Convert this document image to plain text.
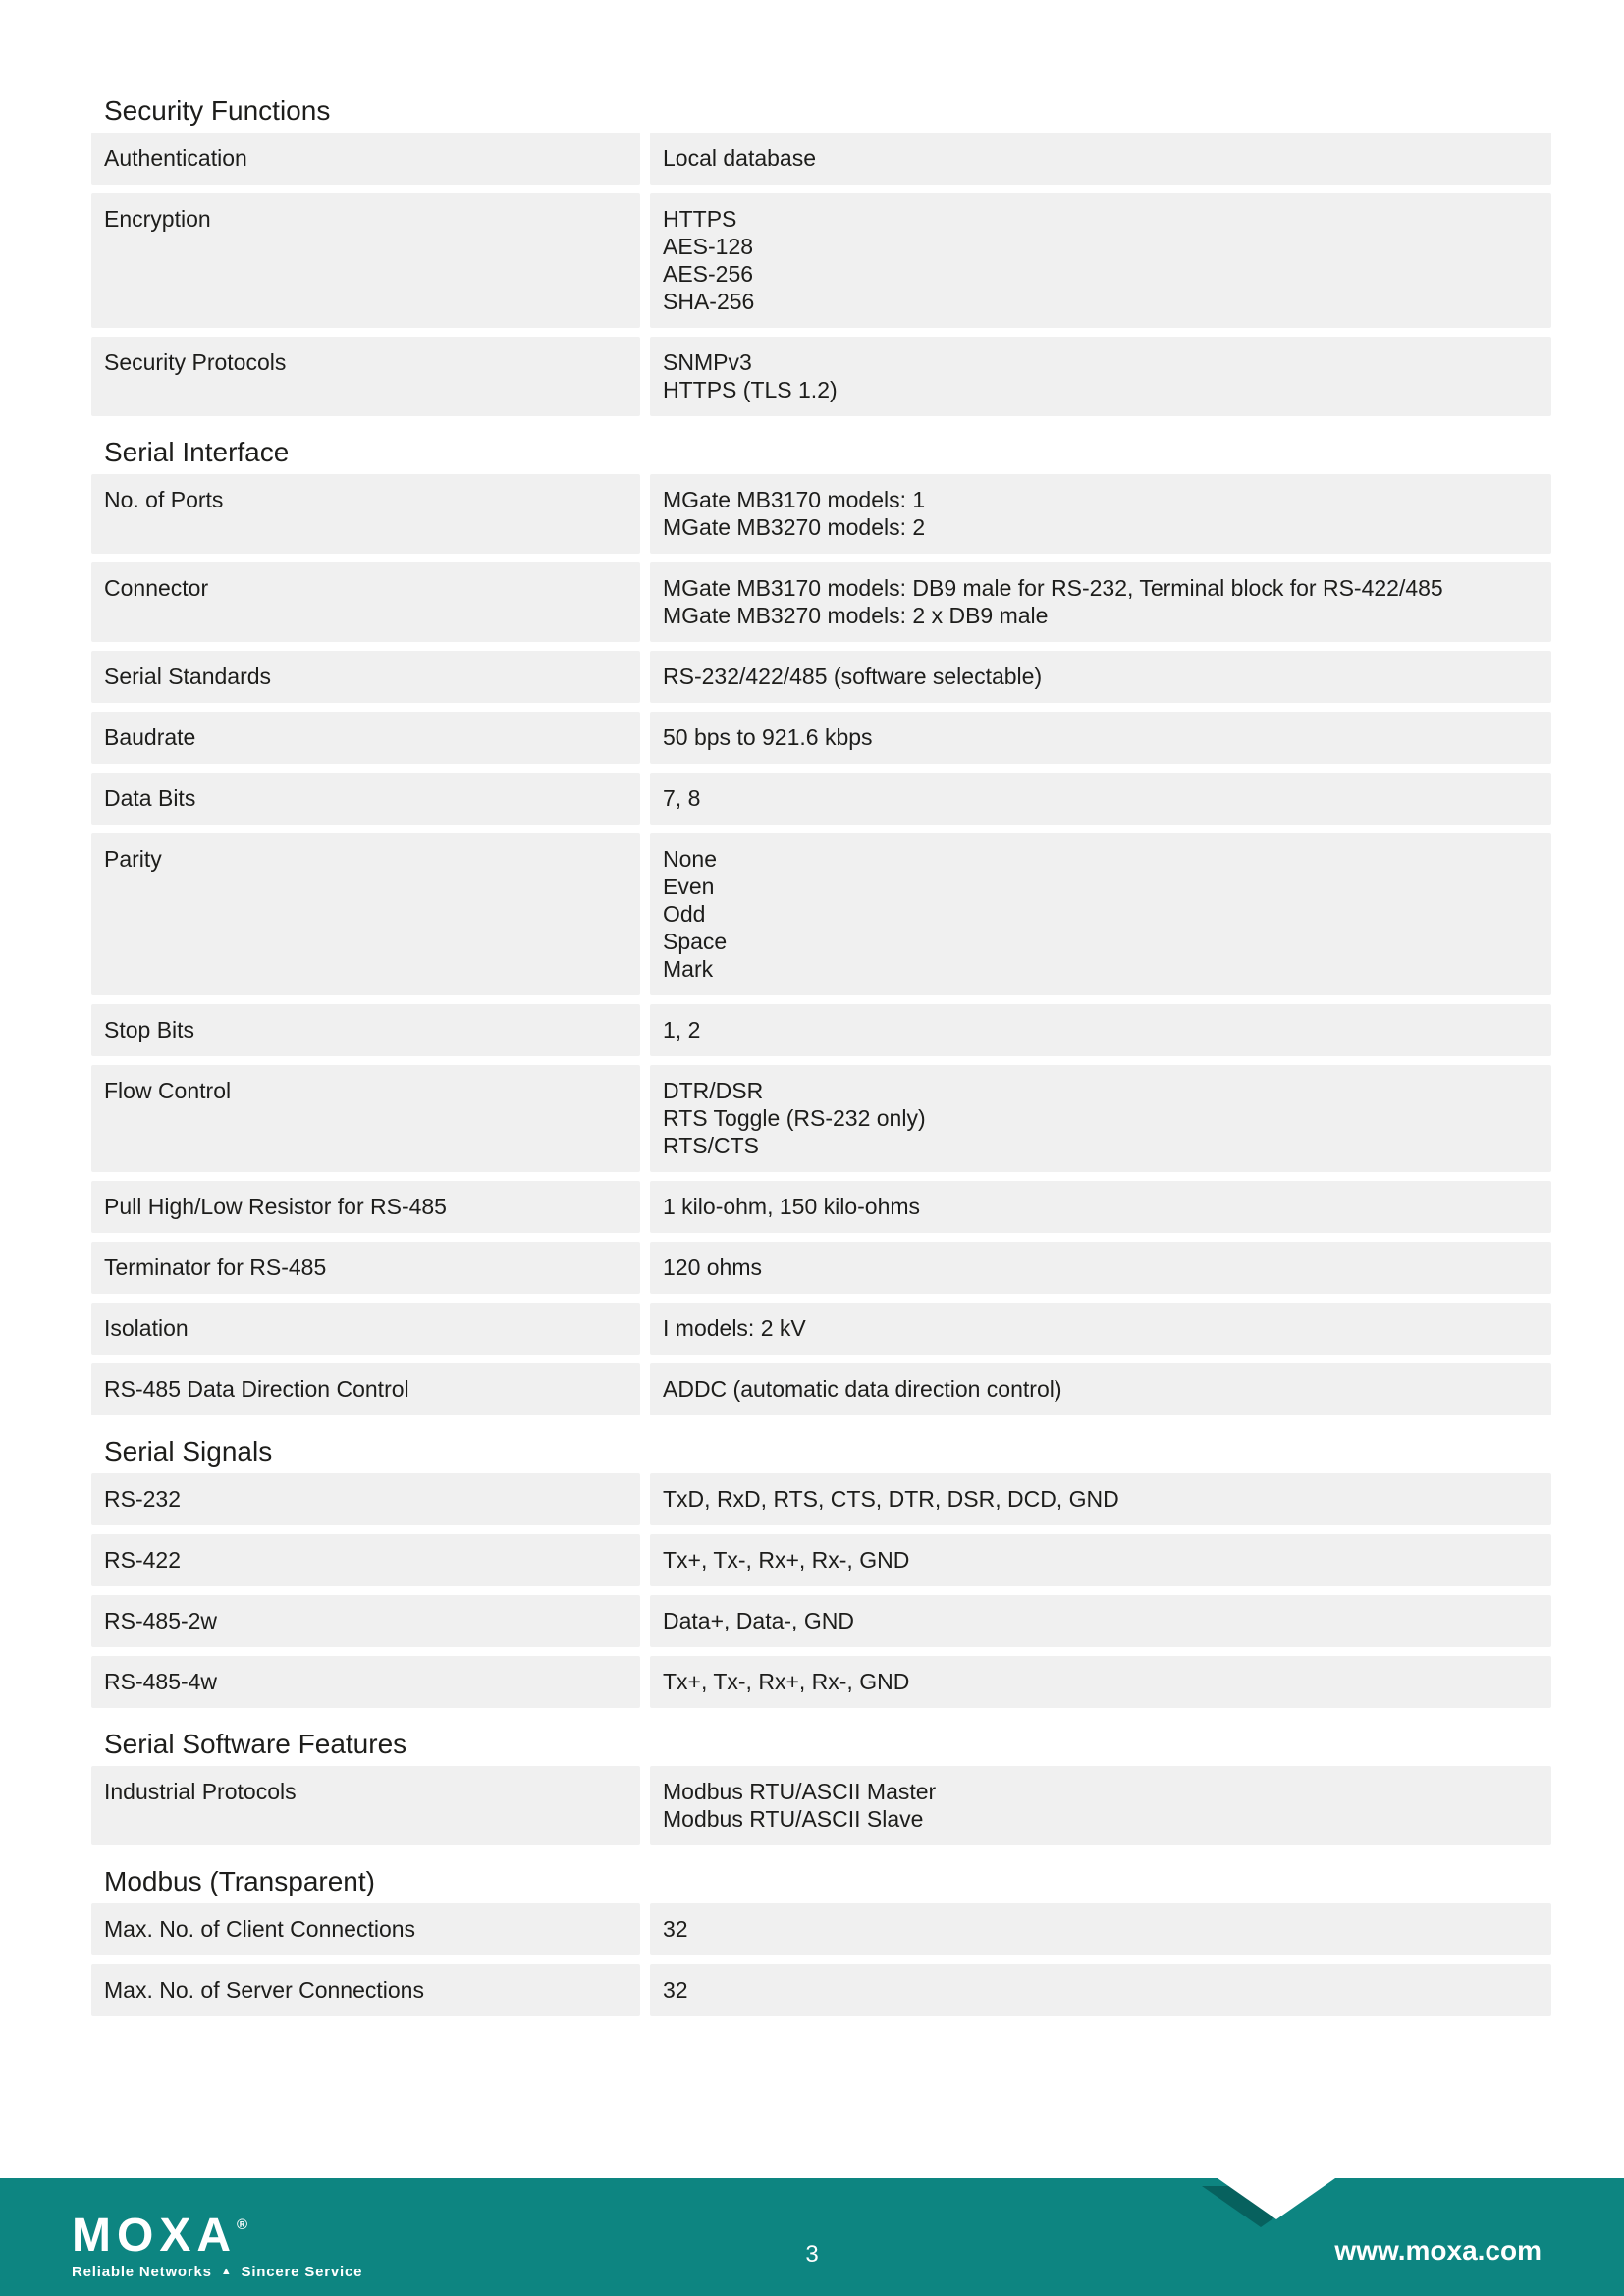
Security Functions
Authentication	Local database
Encryption	HTTPS
AES-128
AES-256
SHA-256
Security Protocols	SNMPv3
HTTPS (TLS 1.2)
Serial Interface
No. of Ports	MGate MB3170 models: 1
MGate MB3270 models: 2
Connector	MGate MB3170 models: DB9 male for RS-232, Terminal block for RS-422/485
MGate MB3270 models: 2 x DB9 male
Serial Standards	RS-232/422/485 (software selectable)
Baudrate	50 bps to 921.6 kbps
Data Bits	7, 8
Parity	None
Even
Odd
Space
Mark
Stop Bits	1, 2
Flow Control	DTR/DSR
RTS Toggle (RS-232 only)
RTS/CTS
Pull High/Low Resistor for RS-485	1 kilo-ohm, 150 kilo-ohms
Terminator for RS-485	120 ohms
Isolation	I models: 2 kV
RS-485 Data Direction Control	ADDC (automatic data direction control)
Serial Signals
RS-232	TxD, RxD, RTS, CTS, DTR, DSR, DCD, GND
RS-422	Tx+, Tx-, Rx+, Rx-, GND
RS-485-2w	Data+, Data-, GND
RS-485-4w	Tx+, Tx-, Rx+, Rx-, GND
Serial Software Features
Industrial Protocols	Modbus RTU/ASCII Master
Modbus RTU/ASCII Slave
Modbus (Transparent)
Max. No. of Client Connections	32
Max. No. of Server Connections	32
MOXA®
Reliable Networks ▲ Sincere Service
3	www.moxa.com
